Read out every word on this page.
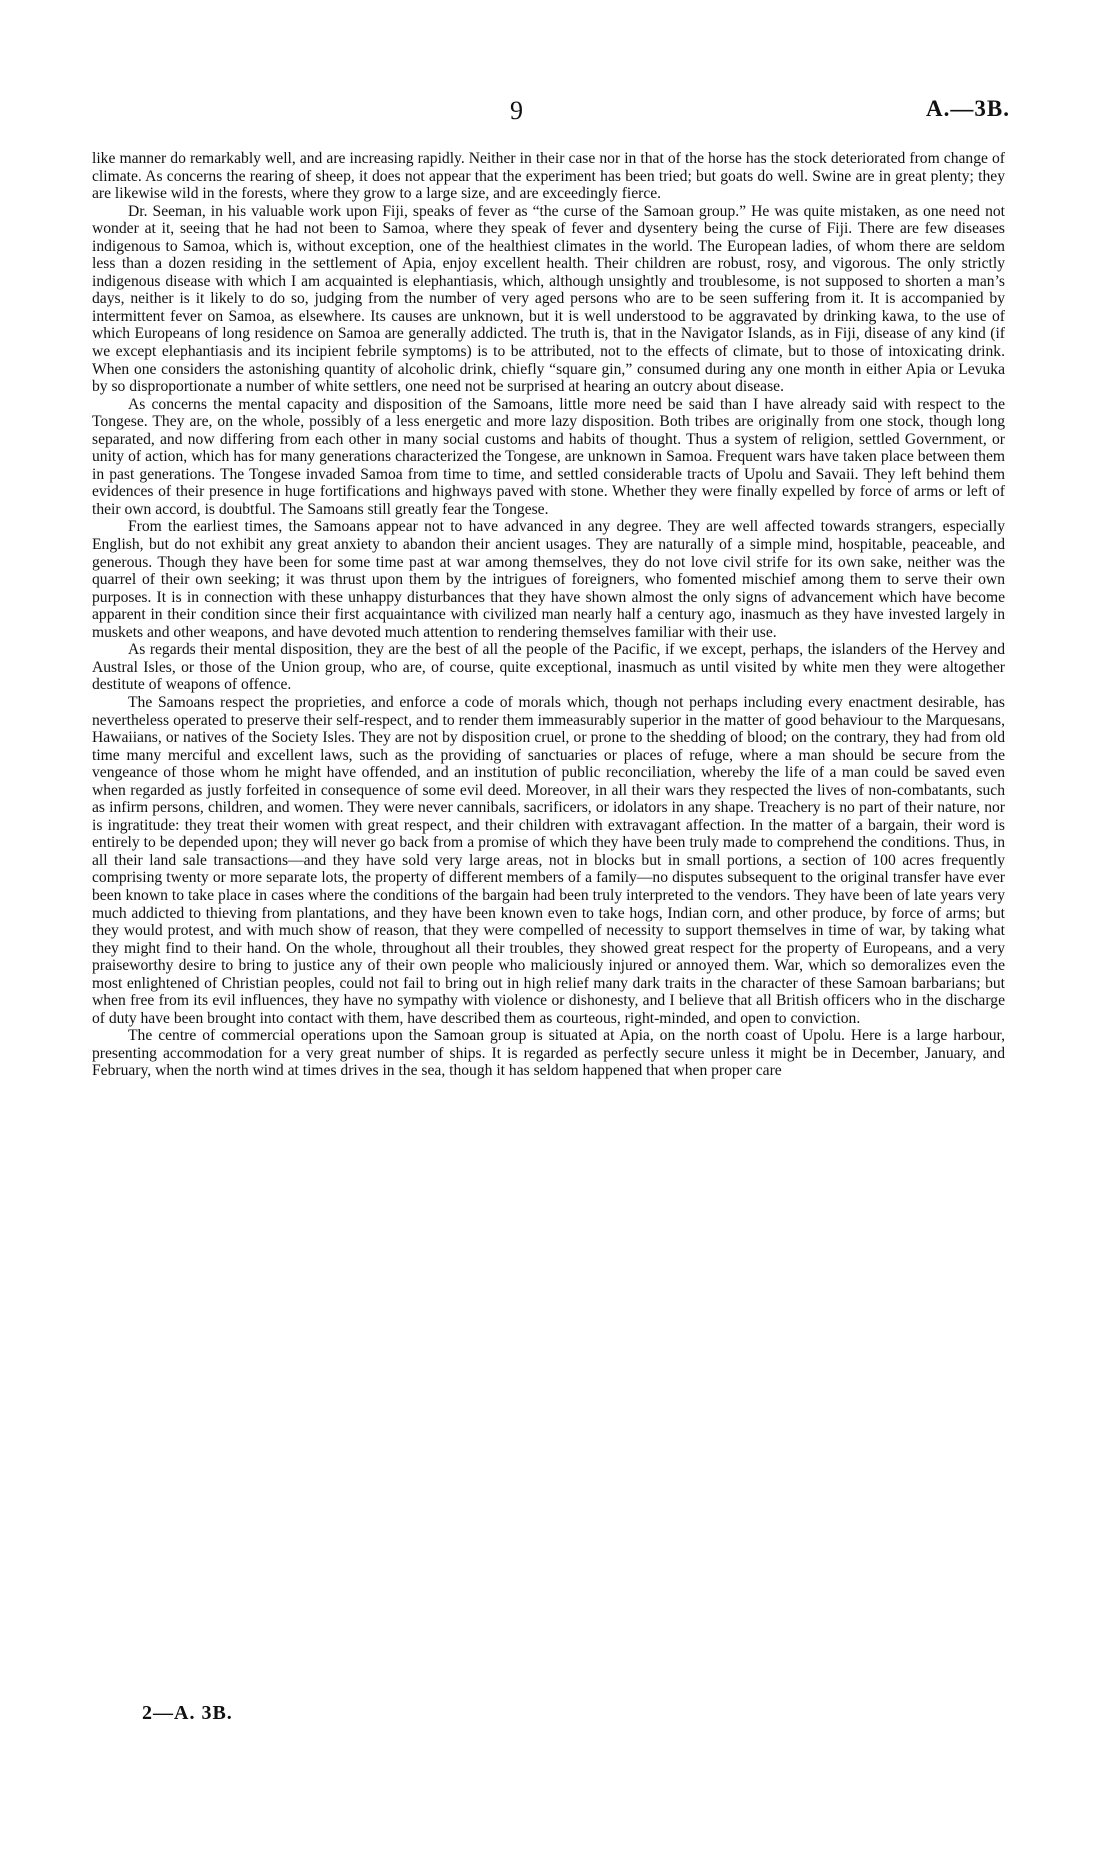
9	A.—3B.

like manner do remarkably well, and are increasing rapidly. Neither in their case nor in that of the horse has the stock deteriorated from change of climate. As concerns the rearing of sheep, it does not appear that the experiment has been tried; but goats do well. Swine are in great plenty; they are likewise wild in the forests, where they grow to a large size, and are exceedingly fierce.

Dr. Seeman, in his valuable work upon Fiji, speaks of fever as “the curse of the Samoan group.” He was quite mistaken, as one need not wonder at it, seeing that he had not been to Samoa, where they speak of fever and dysentery being the curse of Fiji. There are few diseases indigenous to Samoa, which is, without exception, one of the healthiest climates in the world. The European ladies, of whom there are seldom less than a dozen residing in the settlement of Apia, enjoy excellent health. Their children are robust, rosy, and vigorous. The only strictly indigenous disease with which I am acquainted is elephantiasis, which, although unsightly and troublesome, is not supposed to shorten a man’s days, neither is it likely to do so, judging from the number of very aged persons who are to be seen suffering from it. It is accompanied by intermittent fever on Samoa, as elsewhere. Its causes are unknown, but it is well understood to be aggravated by drinking kawa, to the use of which Europeans of long residence on Samoa are generally addicted. The truth is, that in the Navigator Islands, as in Fiji, disease of any kind (if we except elephantiasis and its incipient febrile symptoms) is to be attributed, not to the effects of climate, but to those of intoxicating drink. When one considers the astonishing quantity of alcoholic drink, chiefly “square gin,” consumed during any one month in either Apia or Levuka by so disproportionate a number of white settlers, one need not be surprised at hearing an outcry about disease.

As concerns the mental capacity and disposition of the Samoans, little more need be said than I have already said with respect to the Tongese. They are, on the whole, possibly of a less energetic and more lazy disposition. Both tribes are originally from one stock, though long separated, and now differing from each other in many social customs and habits of thought. Thus a system of religion, settled Government, or unity of action, which has for many generations characterized the Tongese, are unknown in Samoa. Frequent wars have taken place between them in past generations. The Tongese invaded Samoa from time to time, and settled considerable tracts of Upolu and Savaii. They left behind them evidences of their presence in huge fortifications and highways paved with stone. Whether they were finally expelled by force of arms or left of their own accord, is doubtful. The Samoans still greatly fear the Tongese.

From the earliest times, the Samoans appear not to have advanced in any degree. They are well affected towards strangers, especially English, but do not exhibit any great anxiety to abandon their ancient usages. They are naturally of a simple mind, hospitable, peaceable, and generous. Though they have been for some time past at war among themselves, they do not love civil strife for its own sake, neither was the quarrel of their own seeking; it was thrust upon them by the intrigues of foreigners, who fomented mischief among them to serve their own purposes. It is in connection with these unhappy disturbances that they have shown almost the only signs of advancement which have become apparent in their condition since their first acquaintance with civilized man nearly half a century ago, inasmuch as they have invested largely in muskets and other weapons, and have devoted much attention to rendering themselves familiar with their use.

As regards their mental disposition, they are the best of all the people of the Pacific, if we except, perhaps, the islanders of the Hervey and Austral Isles, or those of the Union group, who are, of course, quite exceptional, inasmuch as until visited by white men they were altogether destitute of weapons of offence.

The Samoans respect the proprieties, and enforce a code of morals which, though not perhaps including every enactment desirable, has nevertheless operated to preserve their self-respect, and to render them immeasurably superior in the matter of good behaviour to the Marquesans, Hawaiians, or natives of the Society Isles. They are not by disposition cruel, or prone to the shedding of blood; on the contrary, they had from old time many merciful and excellent laws, such as the providing of sanctuaries or places of refuge, where a man should be secure from the vengeance of those whom he might have offended, and an institution of public reconciliation, whereby the life of a man could be saved even when regarded as justly forfeited in consequence of some evil deed. Moreover, in all their wars they respected the lives of non-combatants, such as infirm persons, children, and women. They were never cannibals, sacrificers, or idolators in any shape. Treachery is no part of their nature, nor is ingratitude: they treat their women with great respect, and their children with extravagant affection. In the matter of a bargain, their word is entirely to be depended upon; they will never go back from a promise of which they have been truly made to comprehend the conditions. Thus, in all their land sale transactions—and they have sold very large areas, not in blocks but in small portions, a section of 100 acres frequently comprising twenty or more separate lots, the property of different members of a family—no disputes subsequent to the original transfer have ever been known to take place in cases where the conditions of the bargain had been truly interpreted to the vendors. They have been of late years very much addicted to thieving from plantations, and they have been known even to take hogs, Indian corn, and other produce, by force of arms; but they would protest, and with much show of reason, that they were compelled of necessity to support themselves in time of war, by taking what they might find to their hand. On the whole, throughout all their troubles, they showed great respect for the property of Europeans, and a very praiseworthy desire to bring to justice any of their own people who maliciously injured or annoyed them. War, which so demoralizes even the most enlightened of Christian peoples, could not fail to bring out in high relief many dark traits in the character of these Samoan barbarians; but when free from its evil influences, they have no sympathy with violence or dishonesty, and I believe that all British officers who in the discharge of duty have been brought into contact with them, have described them as courteous, right-minded, and open to conviction.

The centre of commercial operations upon the Samoan group is situated at Apia, on the north coast of Upolu. Here is a large harbour, presenting accommodation for a very great number of ships. It is regarded as perfectly secure unless it might be in December, January, and February, when the north wind at times drives in the sea, though it has seldom happened that when proper care

2—A. 3B.
